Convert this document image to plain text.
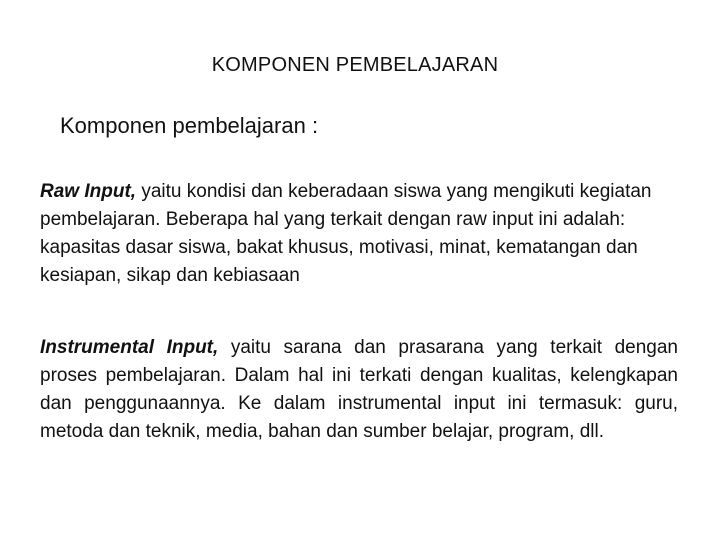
KOMPONEN PEMBELAJARAN
Komponen pembelajaran :
Raw Input, yaitu kondisi dan keberadaan siswa yang mengikuti kegiatan pembelajaran. Beberapa hal yang terkait dengan raw input ini adalah: kapasitas dasar siswa, bakat khusus, motivasi, minat, kematangan dan kesiapan, sikap dan kebiasaan
Instrumental Input, yaitu sarana dan prasarana yang terkait dengan proses pembelajaran. Dalam hal ini terkati dengan kualitas, kelengkapan dan penggunaannya. Ke dalam instrumental input ini termasuk: guru, metoda dan teknik, media, bahan dan sumber belajar, program, dll.
